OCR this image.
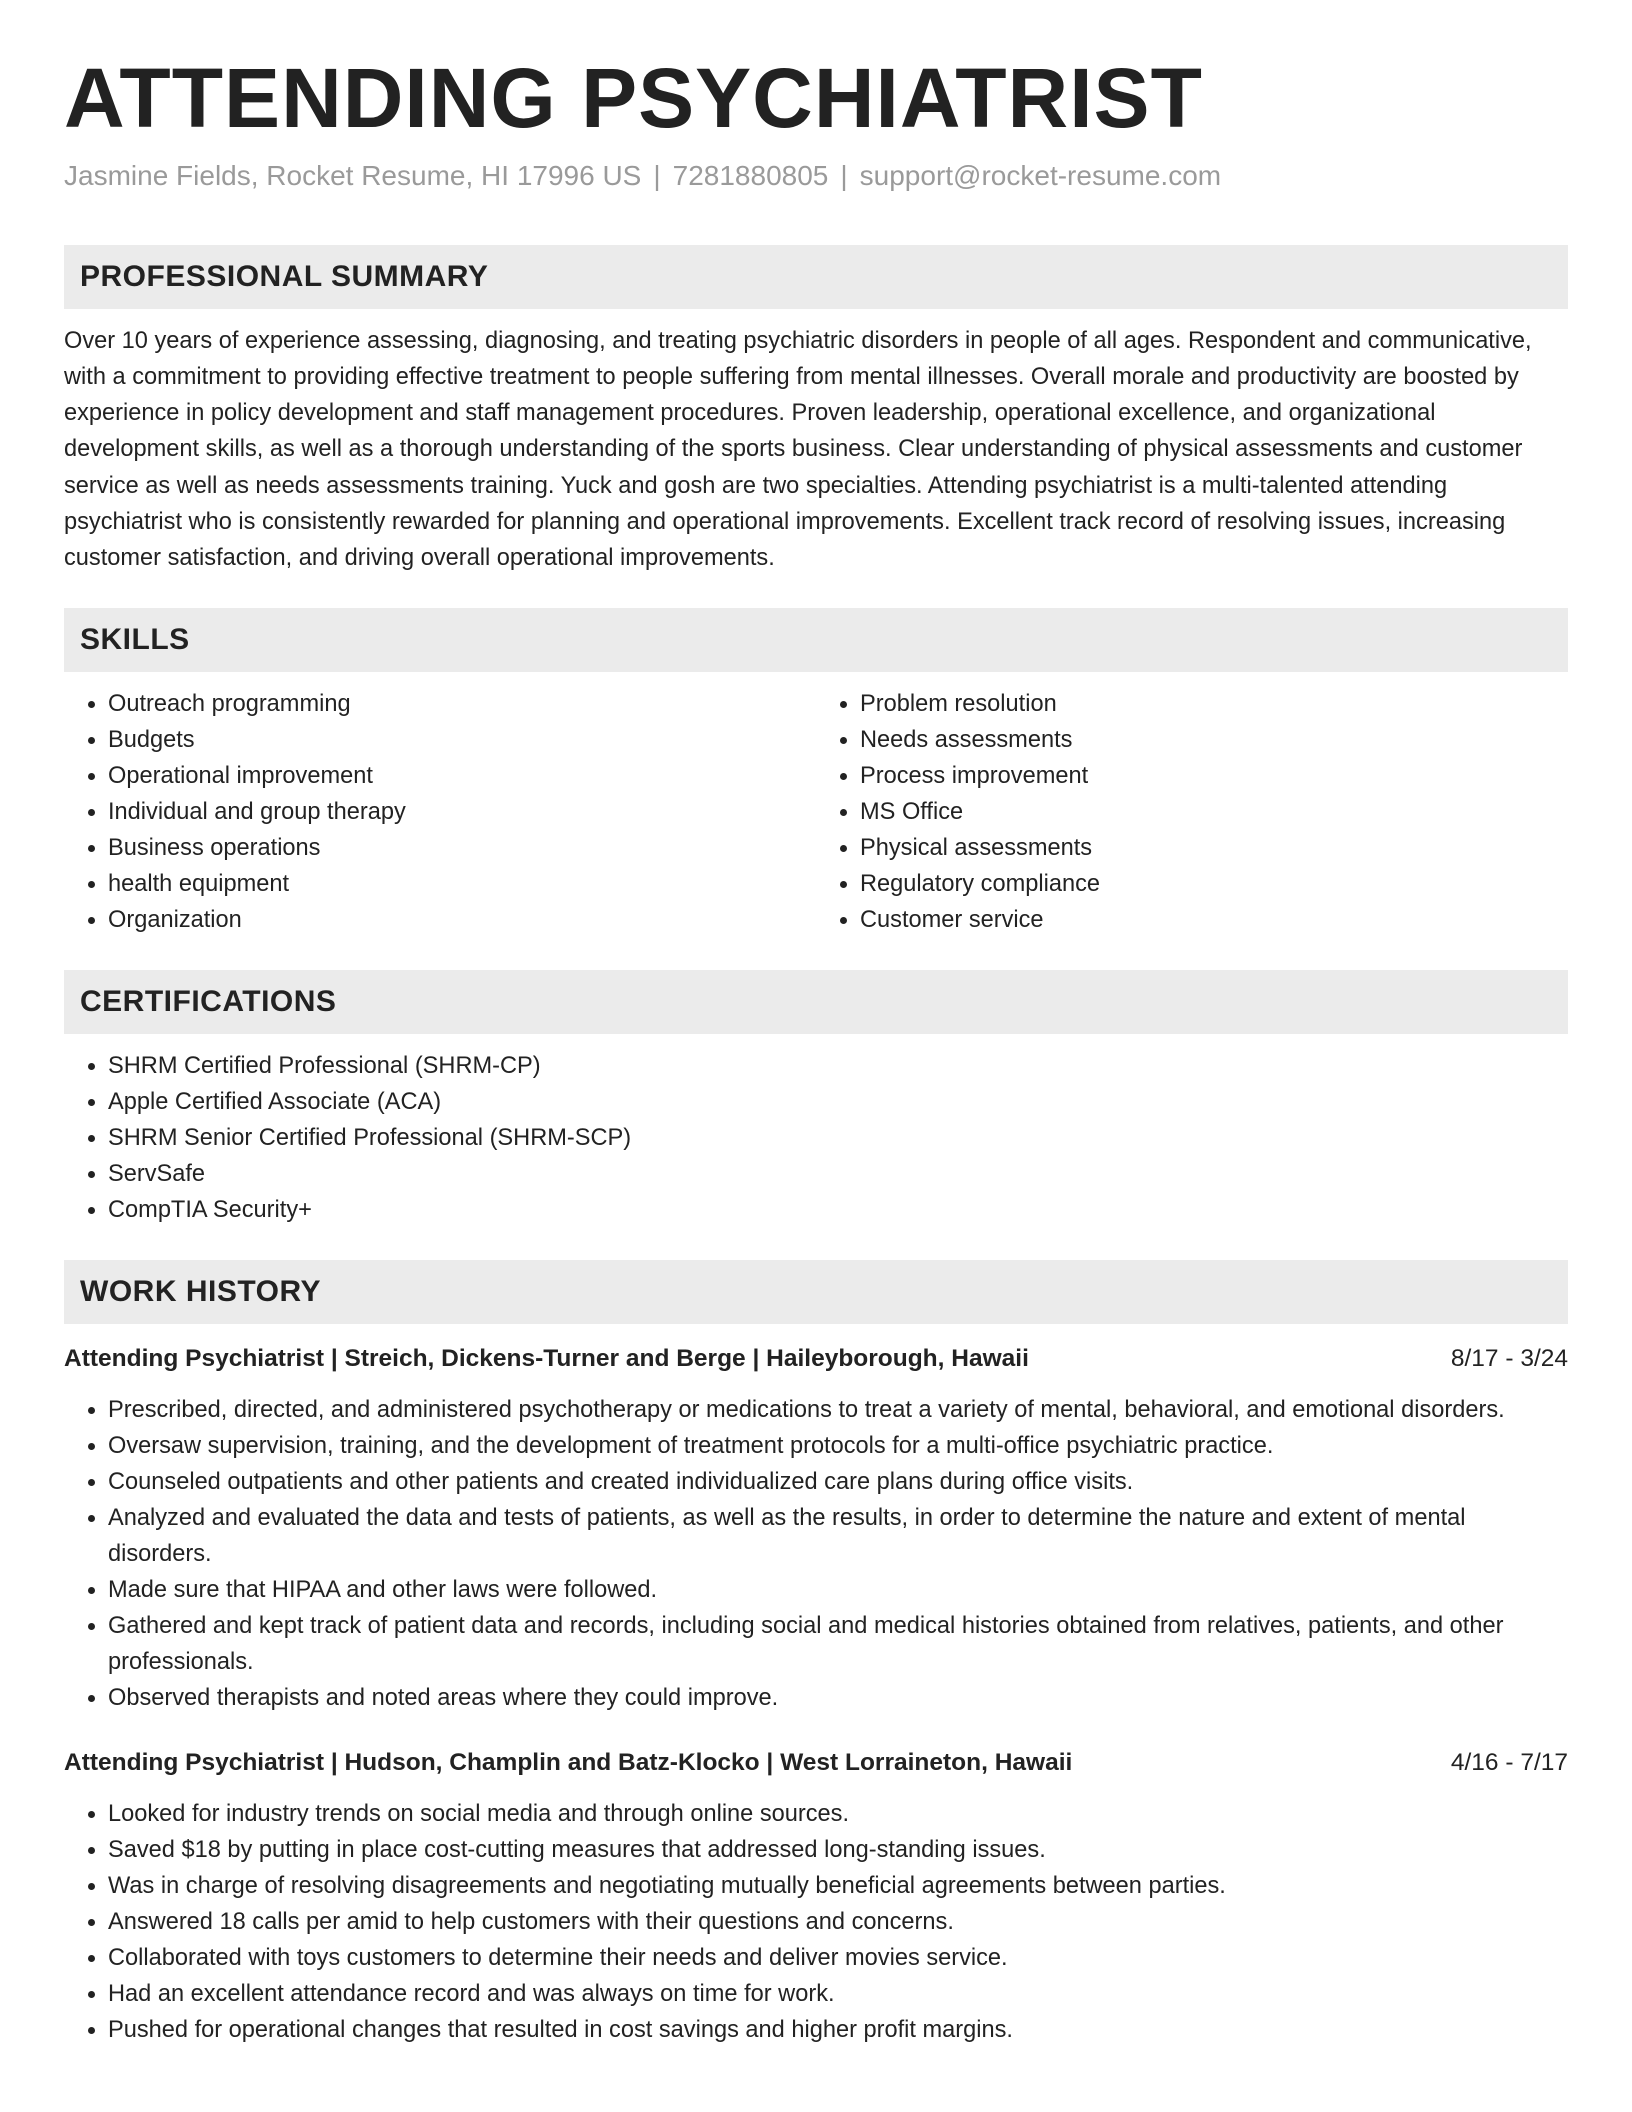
ATTENDING PSYCHIATRIST
Jasmine Fields, Rocket Resume, HI 17996 US | 7281880805 | support@rocket-resume.com
PROFESSIONAL SUMMARY

Over 10 years of experience assessing, diagnosing, and treating psychiatric disorders in people of all ages. Respondent and communicative, with a commitment to providing effective treatment to people suffering from mental illnesses. Overall morale and productivity are boosted by experience in policy development and staff management procedures. Proven leadership, operational excellence, and organizational development skills, as well as a thorough understanding of the sports business. Clear understanding of physical assessments and customer service as well as needs assessments training. Yuck and gosh are two specialties. Attending psychiatrist is a multi-talented attending psychiatrist who is consistently rewarded for planning and operational improvements. Excellent track record of resolving issues, increasing customer satisfaction, and driving overall operational improvements.

SKILLS
• Outreach programming
• Budgets
• Operational improvement
• Individual and group therapy
• Business operations
• health equipment
• Organization
• Problem resolution
• Needs assessments
• Process improvement
• MS Office
• Physical assessments
• Regulatory compliance
• Customer service
CERTIFICATIONS
• SHRM Certified Professional (SHRM-CP)
• Apple Certified Associate (ACA)
• SHRM Senior Certified Professional (SHRM-SCP)
• ServSafe
• CompTIA Security+
WORK HISTORY
Attending Psychiatrist | Streich, Dickens-Turner and Berge | Haileyborough, Hawaii	8/17 - 3/24
• Prescribed, directed, and administered psychotherapy or medications to treat a variety of mental, behavioral, and emotional disorders.
• Oversaw supervision, training, and the development of treatment protocols for a multi-office psychiatric practice.
• Counseled outpatients and other patients and created individualized care plans during office visits.
• Analyzed and evaluated the data and tests of patients, as well as the results, in order to determine the nature and extent of mental disorders.
• Made sure that HIPAA and other laws were followed.
• Gathered and kept track of patient data and records, including social and medical histories obtained from relatives, patients, and other professionals.
• Observed therapists and noted areas where they could improve.
Attending Psychiatrist | Hudson, Champlin and Batz-Klocko | West Lorraineton, Hawaii	4/16 - 7/17
• Looked for industry trends on social media and through online sources.
• Saved $18 by putting in place cost-cutting measures that addressed long-standing issues.
• Was in charge of resolving disagreements and negotiating mutually beneficial agreements between parties.
• Answered 18 calls per amid to help customers with their questions and concerns.
• Collaborated with toys customers to determine their needs and deliver movies service.
• Had an excellent attendance record and was always on time for work.
• Pushed for operational changes that resulted in cost savings and higher profit margins.
